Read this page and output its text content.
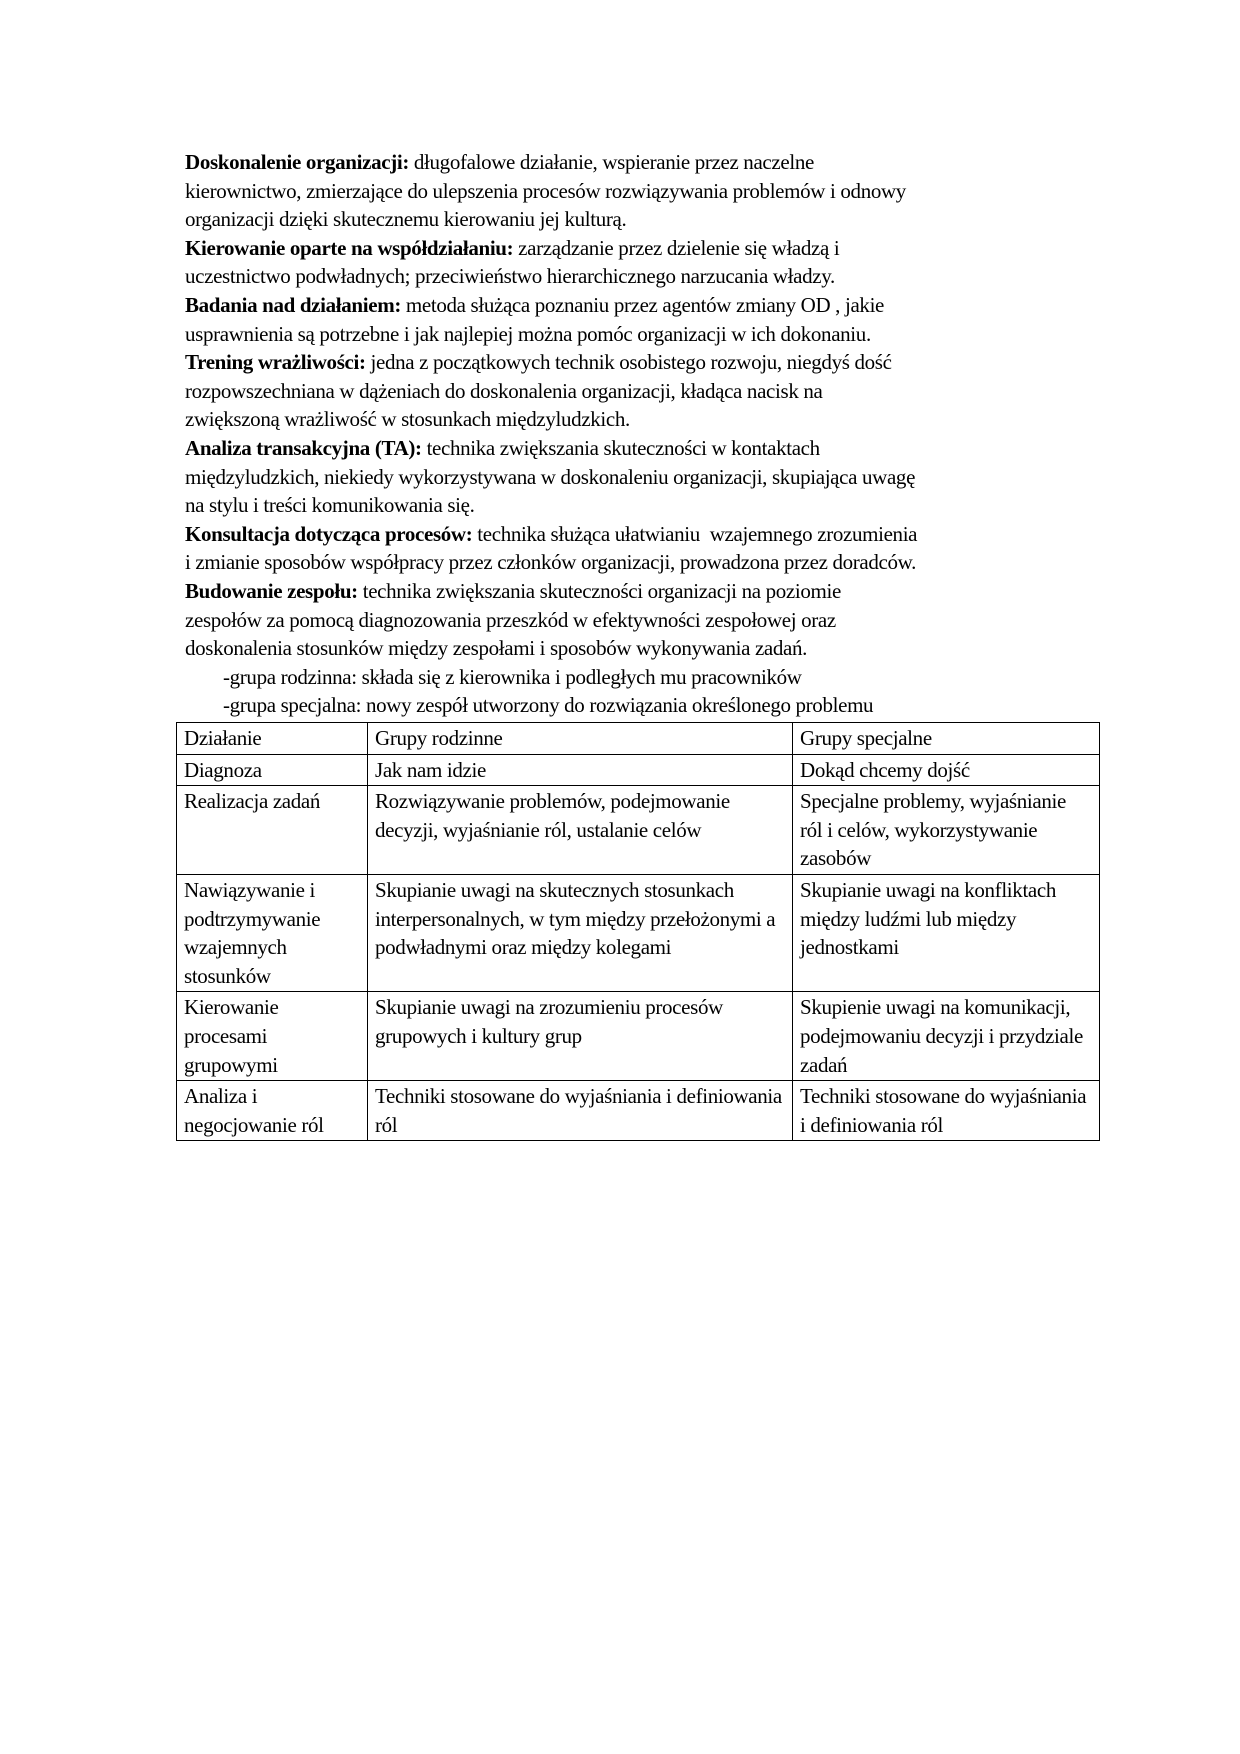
Doskonalenie organizacji: długofalowe działanie, wspieranie przez naczelne
kierownictwo, zmierzające do ulepszenia procesów rozwiązywania problemów i odnowy
organizacji dzięki skutecznemu kierowaniu jej kulturą.
Kierowanie oparte na współdziałaniu: zarządzanie przez dzielenie się władzą i
uczestnictwo podwładnych; przeciwieństwo hierarchicznego narzucania władzy.
Badania nad działaniem: metoda służąca poznaniu przez agentów zmiany OD , jakie
usprawnienia są potrzebne i jak najlepiej można pomóc organizacji w ich dokonaniu.
Trening wrażliwości: jedna z początkowych technik osobistego rozwoju, niegdyś dość
rozpowszechniana w dążeniach do doskonalenia organizacji, kładąca nacisk na
zwiększoną wrażliwość w stosunkach międzyludzkich.
Analiza transakcyjna (TA): technika zwiększania skuteczności w kontaktach
międzyludzkich, niekiedy wykorzystywana w doskonaleniu organizacji, skupiająca uwagę
na stylu i treści komunikowania się.
Konsultacja dotycząca procesów: technika służąca ułatwianiu  wzajemnego zrozumienia
i zmianie sposobów współpracy przez członków organizacji, prowadzona przez doradców.
Budowanie zespołu: technika zwiększania skuteczności organizacji na poziomie
zespołów za pomocą diagnozowania przeszkód w efektywności zespołowej oraz
doskonalenia stosunków między zespołami i sposobów wykonywania zadań.
-grupa rodzinna: składa się z kierownika i podległych mu pracowników
-grupa specjalna: nowy zespół utworzony do rozwiązania określonego problemu
Działanie	Grupy rodzinne	Grupy specjalne
Diagnoza	Jak nam idzie	Dokąd chcemy dojść
Realizacja zadań	Rozwiązywanie problemów, podejmowanie decyzji, wyjaśnianie ról, ustalanie celów	Specjalne problemy, wyjaśnianie ról i celów, wykorzystywanie zasobów
Nawiązywanie i podtrzymywanie wzajemnych stosunków	Skupianie uwagi na skutecznych stosunkach interpersonalnych, w tym między przełożonymi a podwładnymi oraz między kolegami	Skupianie uwagi na konfliktach między ludźmi lub między jednostkami
Kierowanie procesami grupowymi	Skupianie uwagi na zrozumieniu procesów grupowych i kultury grup	Skupienie uwagi na komunikacji, podejmowaniu decyzji i przydziale zadań
Analiza i negocjowanie ról	Techniki stosowane do wyjaśniania i definiowania ról	Techniki stosowane do wyjaśniania i definiowania ról
